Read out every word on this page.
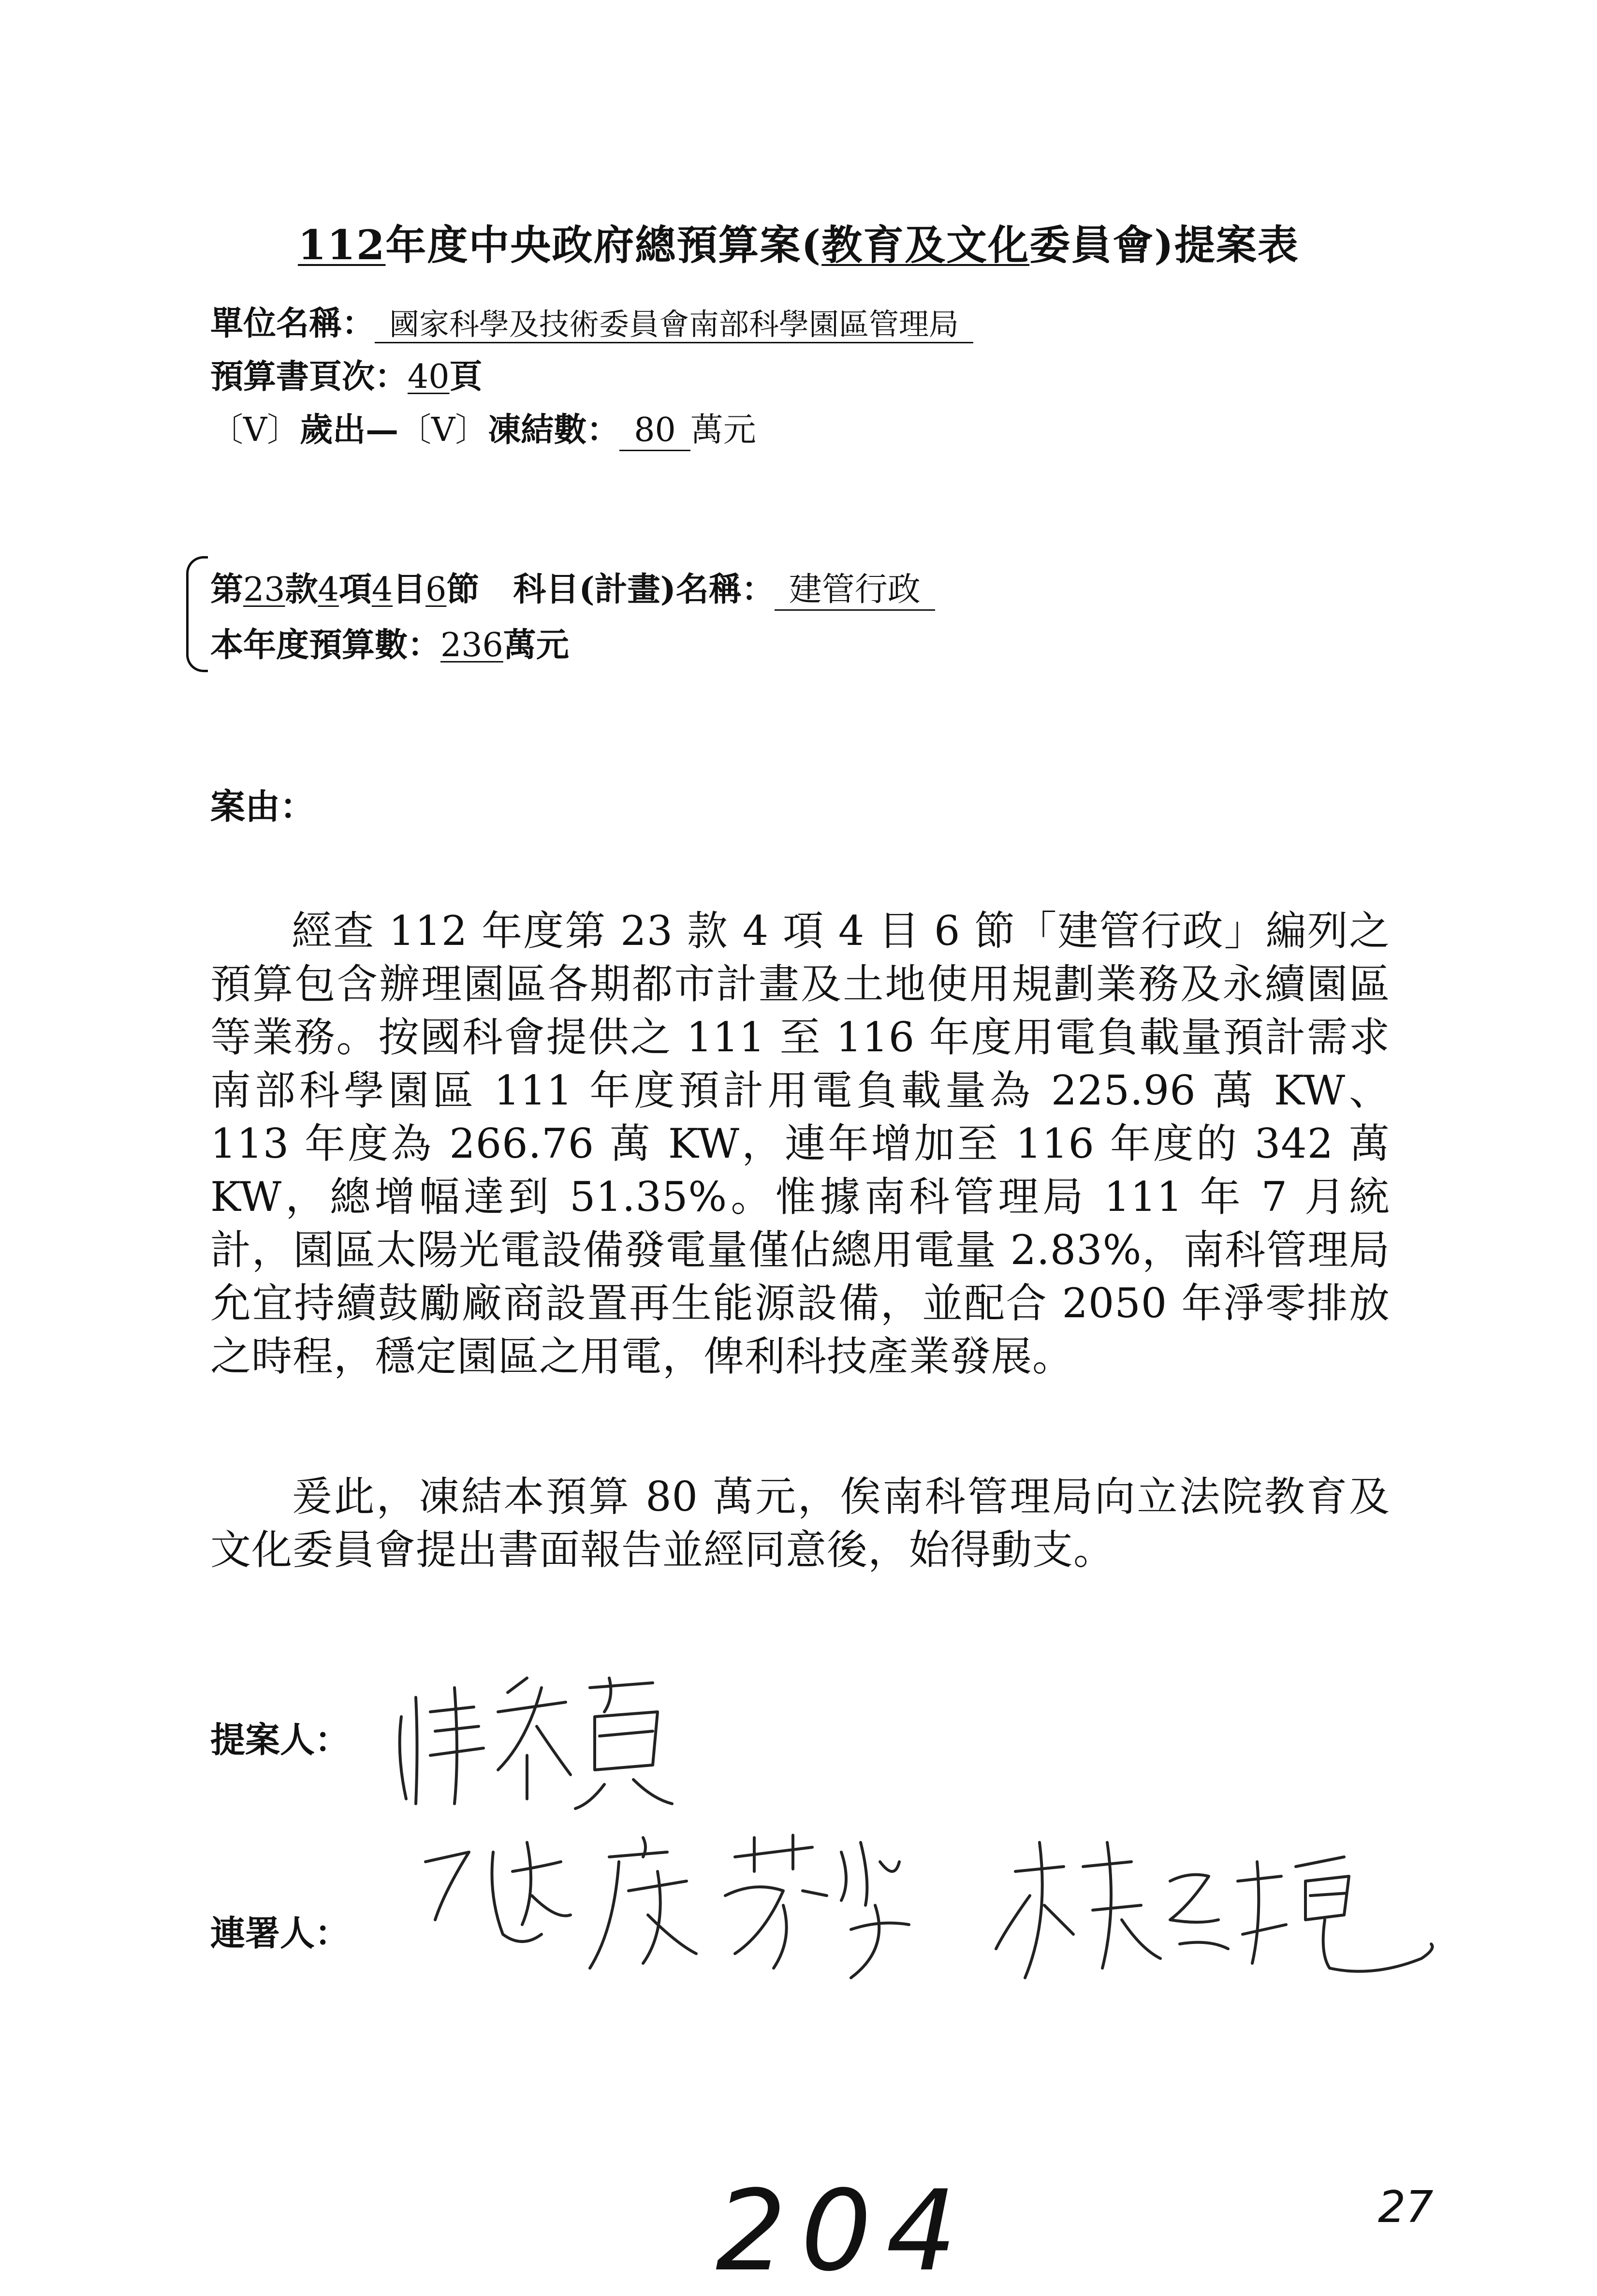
112年度中央政府總預算案(教育及文化委員會)提案表
單位名稱： 國家科學及技術委員會南部科學園區管理局
預算書頁次：40頁
〔V〕歲出—〔V〕凍結數： 80 萬元
第23款4項4目6節 科目(計畫)名稱： 建管行政
本年度預算數：236萬元
案由：
經查 112 年度第 23 款 4 項 4 目 6 節「建管行政」編列之預算包含辦理園區各期都市計畫及土地使用規劃業務及永續園區等業務。按國科會提供之 111 至 116 年度用電負載量預計需求南部科學園區 111 年度預計用電負載量為 225.96 萬 KW、113 年度為 266.76 萬 KW，連年增加至 116 年度的 342 萬 KW，總增幅達到 51.35%。惟據南科管理局 111 年 7 月統計，園區太陽光電設備發電量僅佔總用電量 2.83%，南科管理局允宜持續鼓勵廠商設置再生能源設備，並配合 2050 年淨零排放之時程，穩定園區之用電，俾利科技產業發展。
爰此，凍結本預算 80 萬元，俟南科管理局向立法院教育及文化委員會提出書面報告並經同意後，始得動支。
提案人：
連署人：
204	27
